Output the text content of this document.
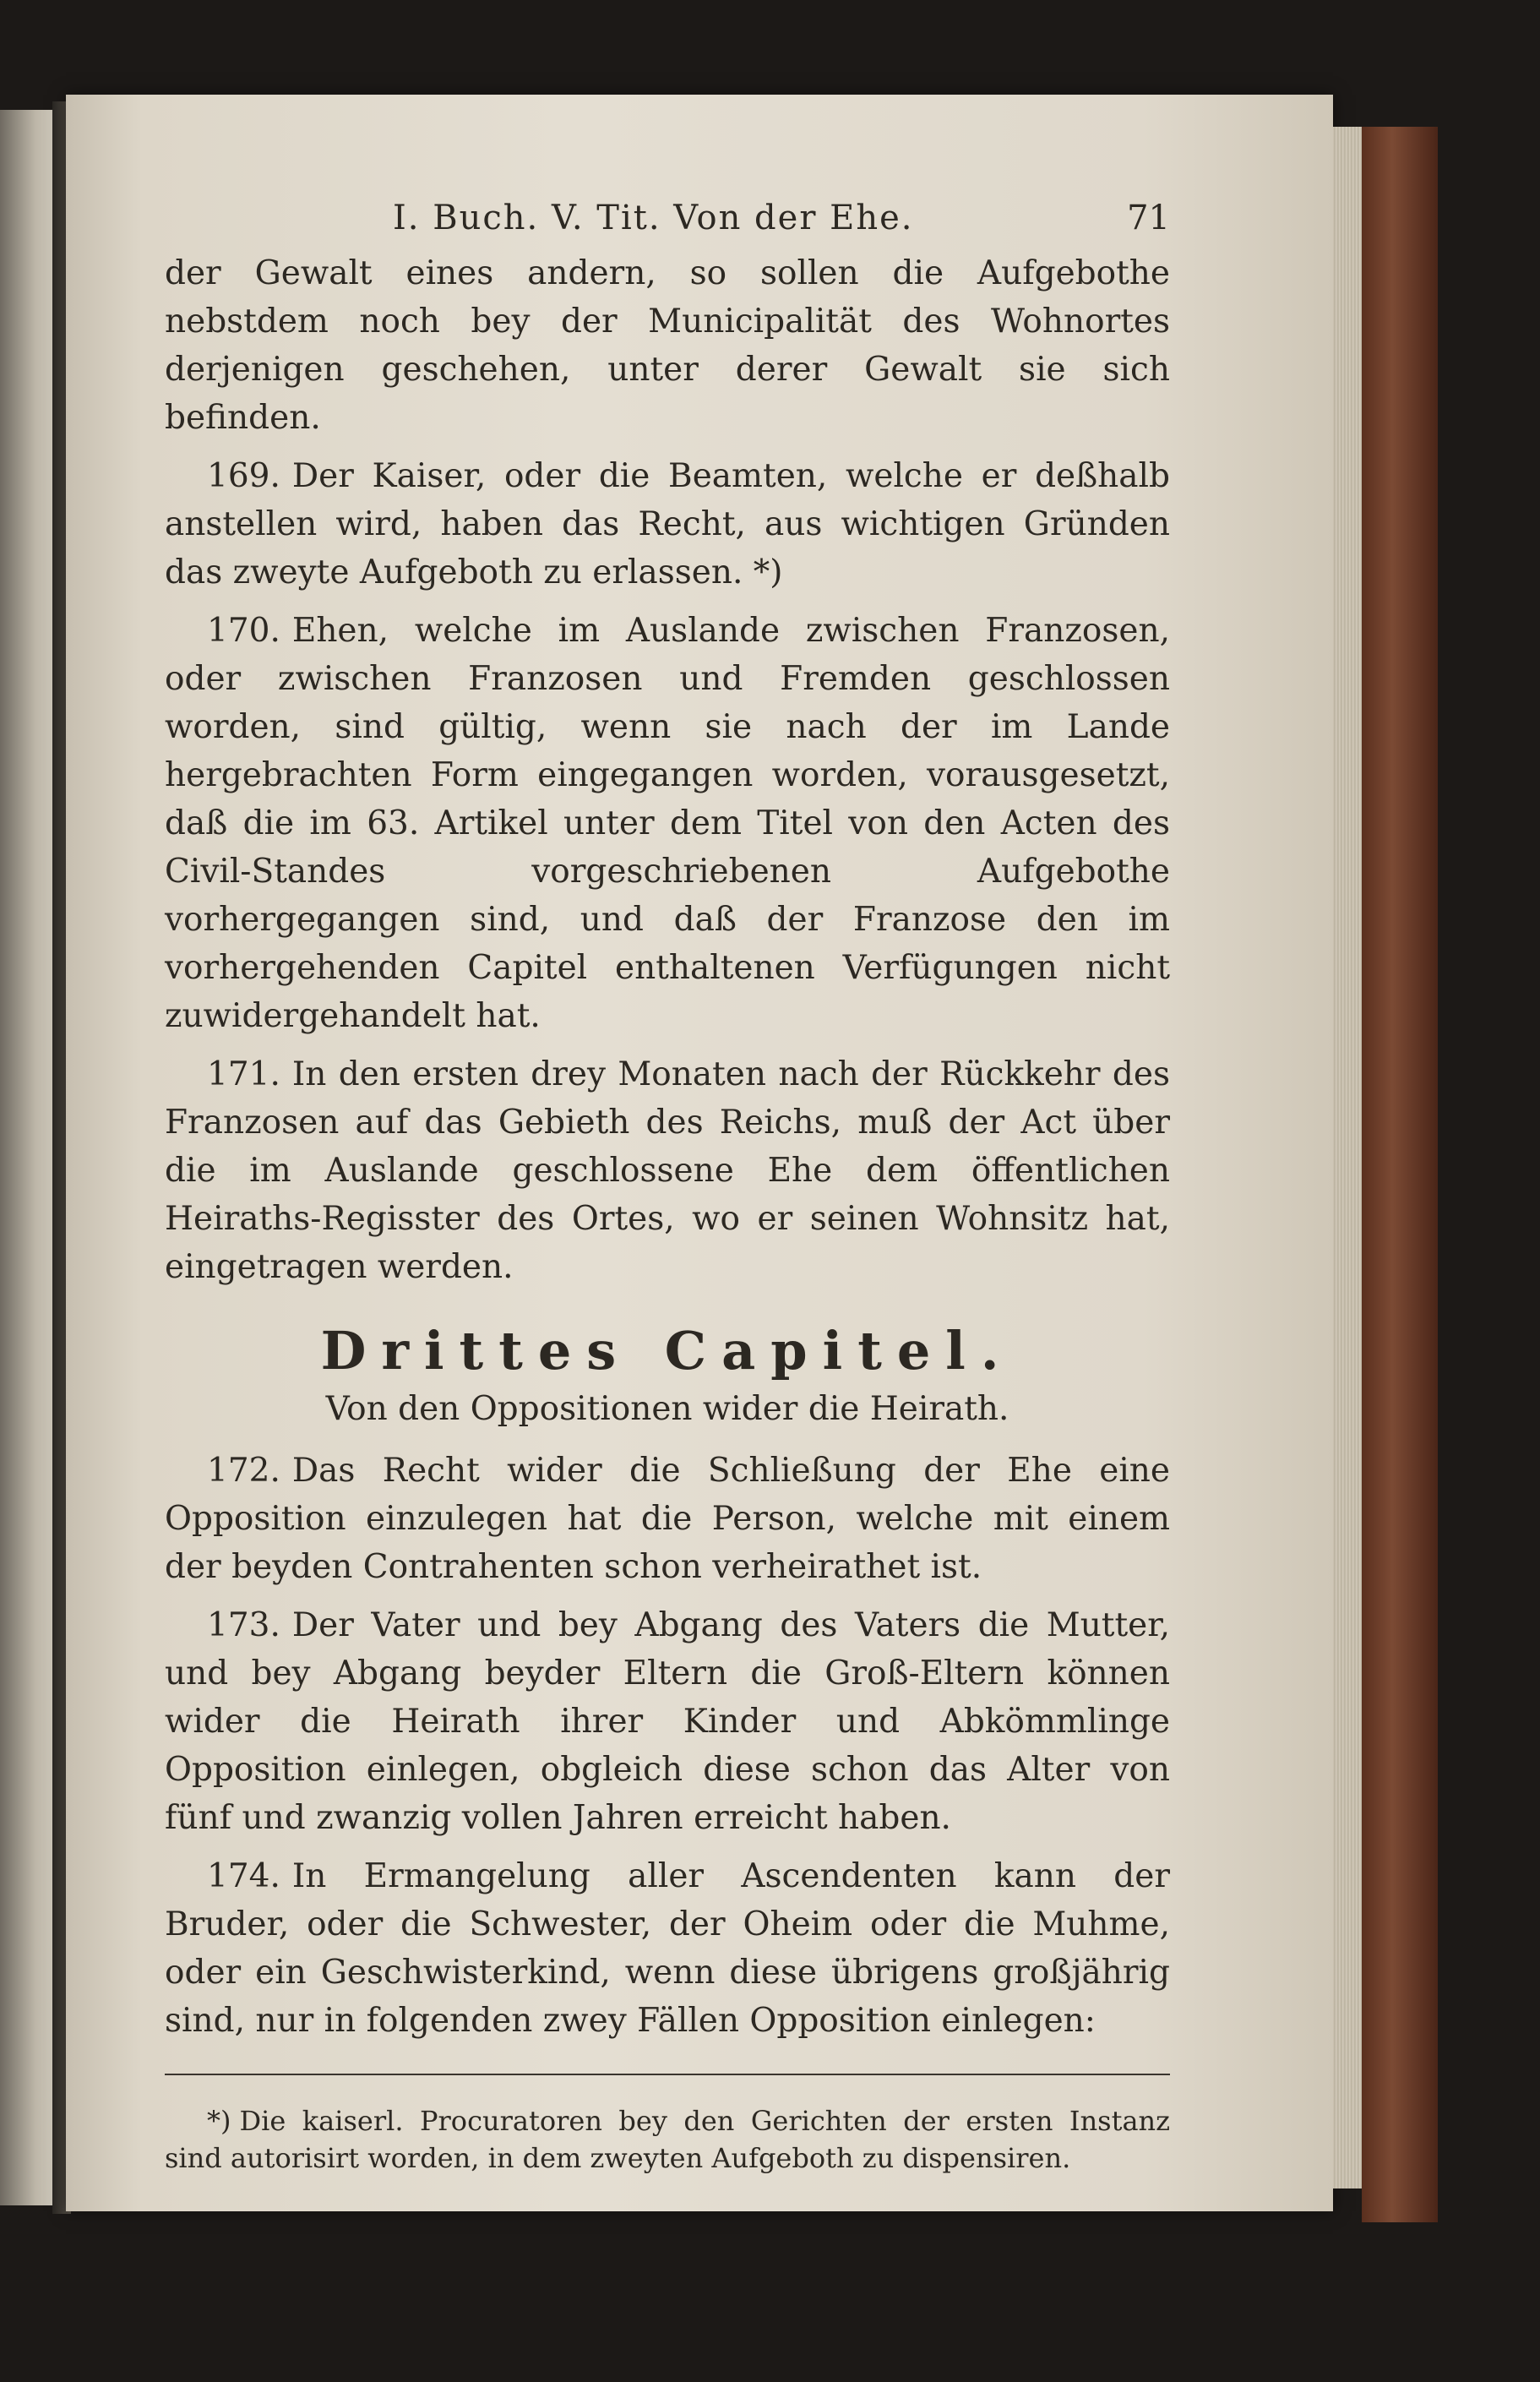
I. Buch. V. Tit. Von der Ehe.	71

der Gewalt eines andern, so sollen die Aufgebothe nebstdem noch bey der Municipalität des Wohnortes derjenigen geschehen, unter derer Gewalt sie sich befinden.

169. Der Kaiser, oder die Beamten, welche er deßhalb anstellen wird, haben das Recht, aus wichtigen Gründen das zweyte Aufgeboth zu erlassen. *)

170. Ehen, welche im Auslande zwischen Franzosen, oder zwischen Franzosen und Fremden geschlossen worden, sind gültig, wenn sie nach der im Lande hergebrachten Form eingegangen worden, vorausgesetzt, daß die im 63. Artikel unter dem Titel von den Acten des Civil-Standes vorgeschriebenen Aufgebothe vorhergegangen sind, und daß der Franzose den im vorhergehenden Capitel enthaltenen Verfügungen nicht zuwidergehandelt hat.

171. In den ersten drey Monaten nach der Rückkehr des Franzosen auf das Gebieth des Reichs, muß der Act über die im Auslande geschlossene Ehe dem öffentlichen Heiraths-Regisster des Ortes, wo er seinen Wohnsitz hat, eingetragen werden.

Drittes Capitel.
Von den Oppositionen wider die Heirath.

172. Das Recht wider die Schließung der Ehe eine Opposition einzulegen hat die Person, welche mit einem der beyden Contrahenten schon verheirathet ist.

173. Der Vater und bey Abgang des Vaters die Mutter, und bey Abgang beyder Eltern die Groß-Eltern können wider die Heirath ihrer Kinder und Abkömmlinge Opposition einlegen, obgleich diese schon das Alter von fünf und zwanzig vollen Jahren erreicht haben.

174. In Ermangelung aller Ascendenten kann der Bruder, oder die Schwester, der Oheim oder die Muhme, oder ein Geschwisterkind, wenn diese übrigens großjährig sind, nur in folgenden zwey Fällen Opposition einlegen:

*) Die kaiserl. Procuratoren bey den Gerichten der ersten Instanz sind autorisirt worden, in dem zweyten Aufgeboth zu dispensiren.
